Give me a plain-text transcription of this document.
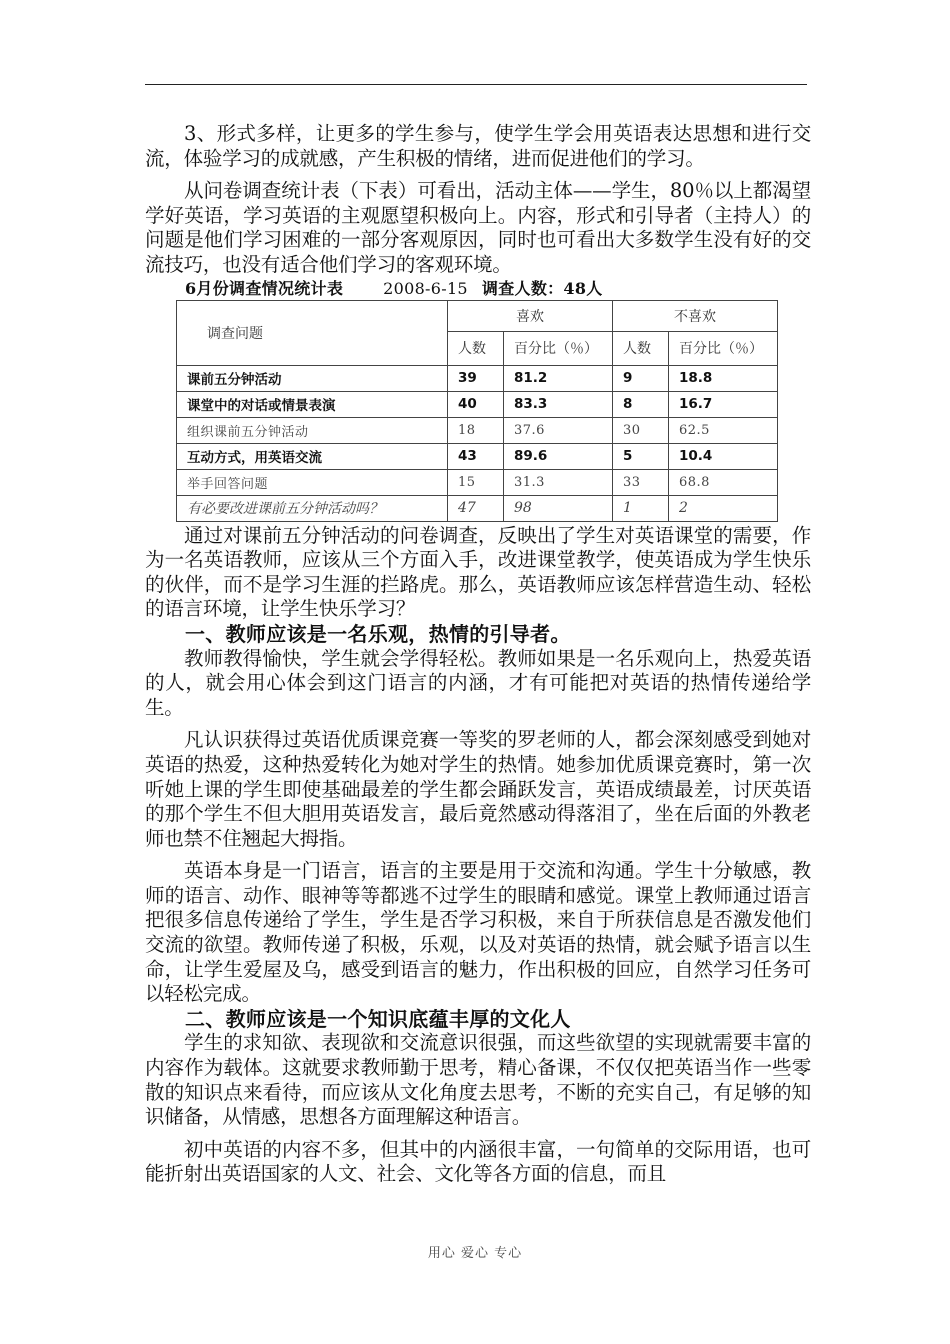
3、形式多样，让更多的学生参与，使学生学会用英语表达思想和进行交流，体验学习的成就感，产生积极的情绪，进而促进他们的学习。

从问卷调查统计表（下表）可看出，活动主体——学生，80％以上都渴望学好英语，学习英语的主观愿望积极向上。内容，形式和引导者（主持人）的问题是他们学习困难的一部分客观原因，同时也可看出大多数学生没有好的交流技巧，也没有适合他们学习的客观环境。

6月份调查情况统计表	2008-6-15 调查人数：48人
调查问题	喜欢		不喜欢	
	人数	百分比（％）	人数	百分比（％）
课前五分钟活动	39	81.2	9	18.8
课堂中的对话或情景表演	40	83.3	8	16.7
组织课前五分钟活动	18	37.6	30	62.5
互动方式，用英语交流	43	89.6	5	10.4
举手回答问题	15	31.3	33	68.8
有必要改进课前五分钟活动吗？	47	98	1	2

通过对课前五分钟活动的问卷调查，反映出了学生对英语课堂的需要，作为一名英语教师，应该从三个方面入手，改进课堂教学，使英语成为学生快乐的伙伴，而不是学习生涯的拦路虎。那么，英语教师应该怎样营造生动、轻松的语言环境，让学生快乐学习？

一、教师应该是一名乐观，热情的引导者。

教师教得愉快，学生就会学得轻松。教师如果是一名乐观向上，热爱英语的人，就会用心体会到这门语言的内涵，才有可能把对英语的热情传递给学生。

凡认识获得过英语优质课竞赛一等奖的罗老师的人，都会深刻感受到她对英语的热爱，这种热爱转化为她对学生的热情。她参加优质课竞赛时，第一次听她上课的学生即使基础最差的学生都会踊跃发言，英语成绩最差，讨厌英语的那个学生不但大胆用英语发言，最后竟然感动得落泪了，坐在后面的外教老师也禁不住翘起大拇指。

英语本身是一门语言，语言的主要是用于交流和沟通。学生十分敏感，教师的语言、动作、眼神等等都逃不过学生的眼睛和感觉。课堂上教师通过语言把很多信息传递给了学生，学生是否学习积极，来自于所获信息是否激发他们交流的欲望。教师传递了积极，乐观，以及对英语的热情，就会赋予语言以生命，让学生爱屋及乌，感受到语言的魅力，作出积极的回应，自然学习任务可以轻松完成。

二、教师应该是一个知识底蕴丰厚的文化人

学生的求知欲、表现欲和交流意识很强，而这些欲望的实现就需要丰富的内容作为载体。这就要求教师勤于思考，精心备课，不仅仅把英语当作一些零散的知识点来看待，而应该从文化角度去思考，不断的充实自己，有足够的知识储备，从情感，思想各方面理解这种语言。

初中英语的内容不多，但其中的内涵很丰富，一句简单的交际用语，也可能折射出英语国家的人文、社会、文化等各方面的信息，而且

用心 爱心 专心
